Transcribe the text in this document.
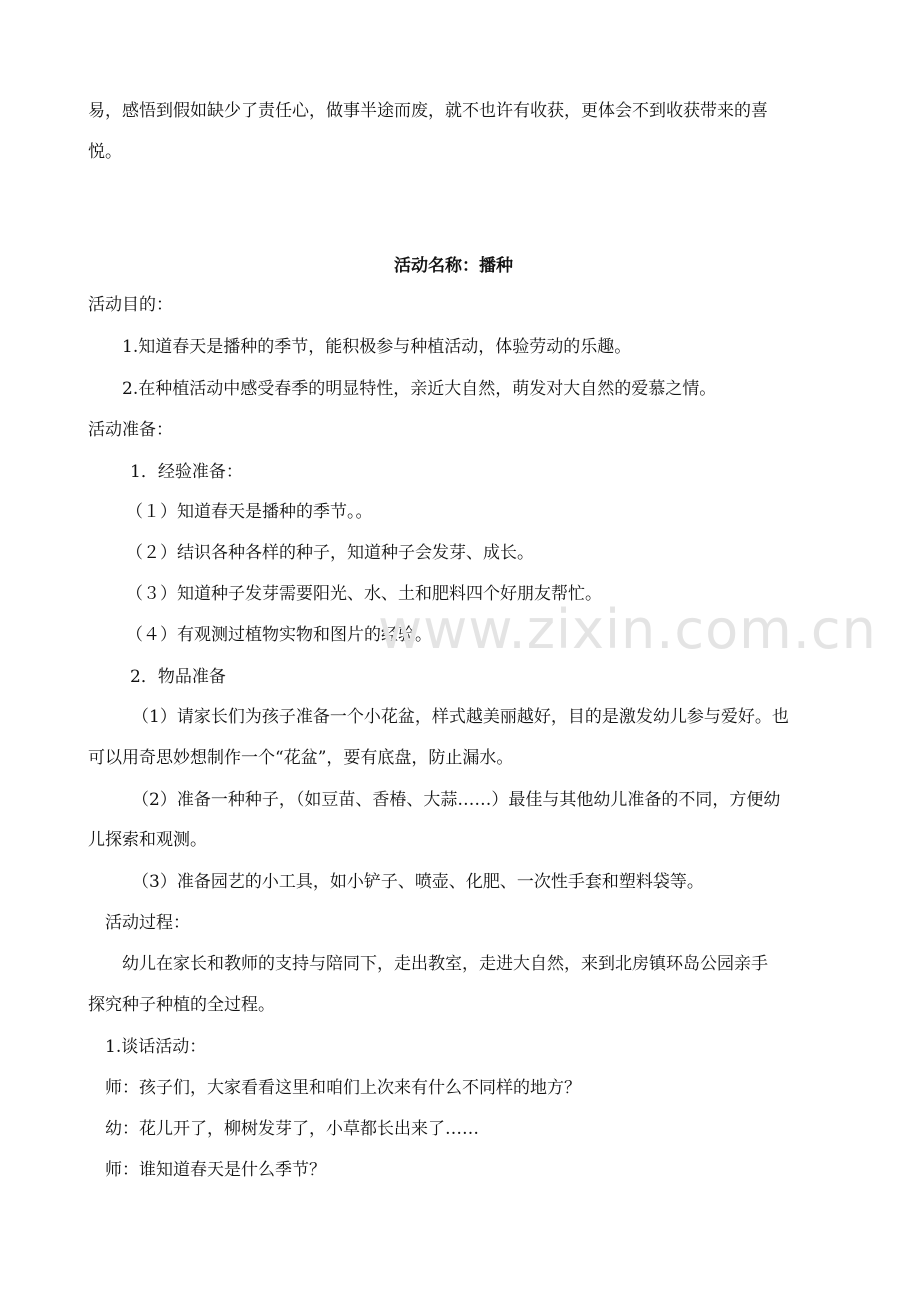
易，感悟到假如缺少了责任心，做事半途而废，就不也许有收获，更体会不到收获带来的喜
悦。
活动名称：播种
活动目的：
1.知道春天是播种的季节，能积极参与种植活动，体验劳动的乐趣。
2.在种植活动中感受春季的明显特性，亲近大自然，萌发对大自然的爱慕之情。
活动准备：
1．经验准备：
（１）知道春天是播种的季节。。
（２）结识各种各样的种子，知道种子会发芽、成长。
（３）知道种子发芽需要阳光、水、土和肥料四个好朋友帮忙。
（４）有观测过植物实物和图片的经验。
2．物品准备
（1）请家长们为孩子准备一个小花盆，样式越美丽越好，目的是激发幼儿参与爱好。也
可以用奇思妙想制作一个“花盆”，要有底盘，防止漏水。
（2）准备一种种子，（如豆苗、香椿、大蒜……）最佳与其他幼儿准备的不同，方便幼
儿探索和观测。
（3）准备园艺的小工具，如小铲子、喷壶、化肥、一次性手套和塑料袋等。
活动过程：
幼儿在家长和教师的支持与陪同下，走出教室，走进大自然，来到北房镇环岛公园亲手
探究种子种植的全过程。
1.谈话活动：
师：孩子们，大家看看这里和咱们上次来有什么不同样的地方？
幼：花儿开了，柳树发芽了，小草都长出来了……
师：谁知道春天是什么季节？
www.zixin.com.cn
